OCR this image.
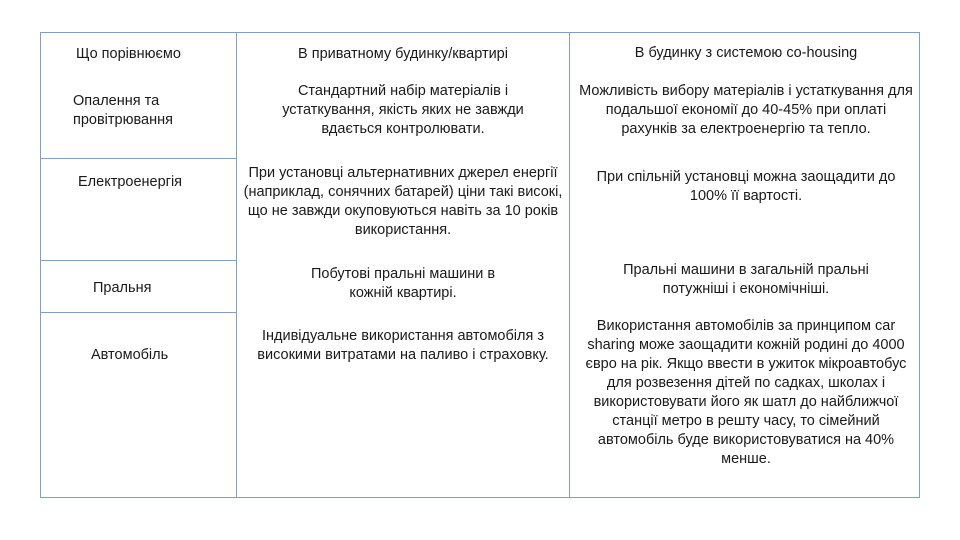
Що порівнюємо	В приватному будинку/квартирі	В будинку з системою co-housing
Опалення та провітрювання
Стандартний набір матеріалів і устаткування, якість яких не завжди вдається контролювати.
Можливість вибору матеріалів і устаткування для подальшої економії до 40-45% при оплаті рахунків за електроенергію та тепло.
Електроенергія
При установці альтернативних джерел енергії (наприклад, сонячних батарей) ціни такі високі, що не завжди окуповуються навіть за 10 років використання.
При спільній установці можна заощадити до 100% її вартості.
Пральня
Побутові пральні машини в кожній квартирі.
Пральні машини в загальній пральні потужніші і економічніші.
Автомобіль
Індивідуальне використання автомобіля з високими витратами на паливо і страховку.
Використання автомобілів за принципом car sharing може заощадити кожній родині до 4000 євро на рік. Якщо ввести в ужиток мікроавтобус для розвезення дітей по садках, школах і використовувати його як шатл до найближчої станції метро в решту часу, то сімейний автомобіль буде використовуватися на 40% менше.
